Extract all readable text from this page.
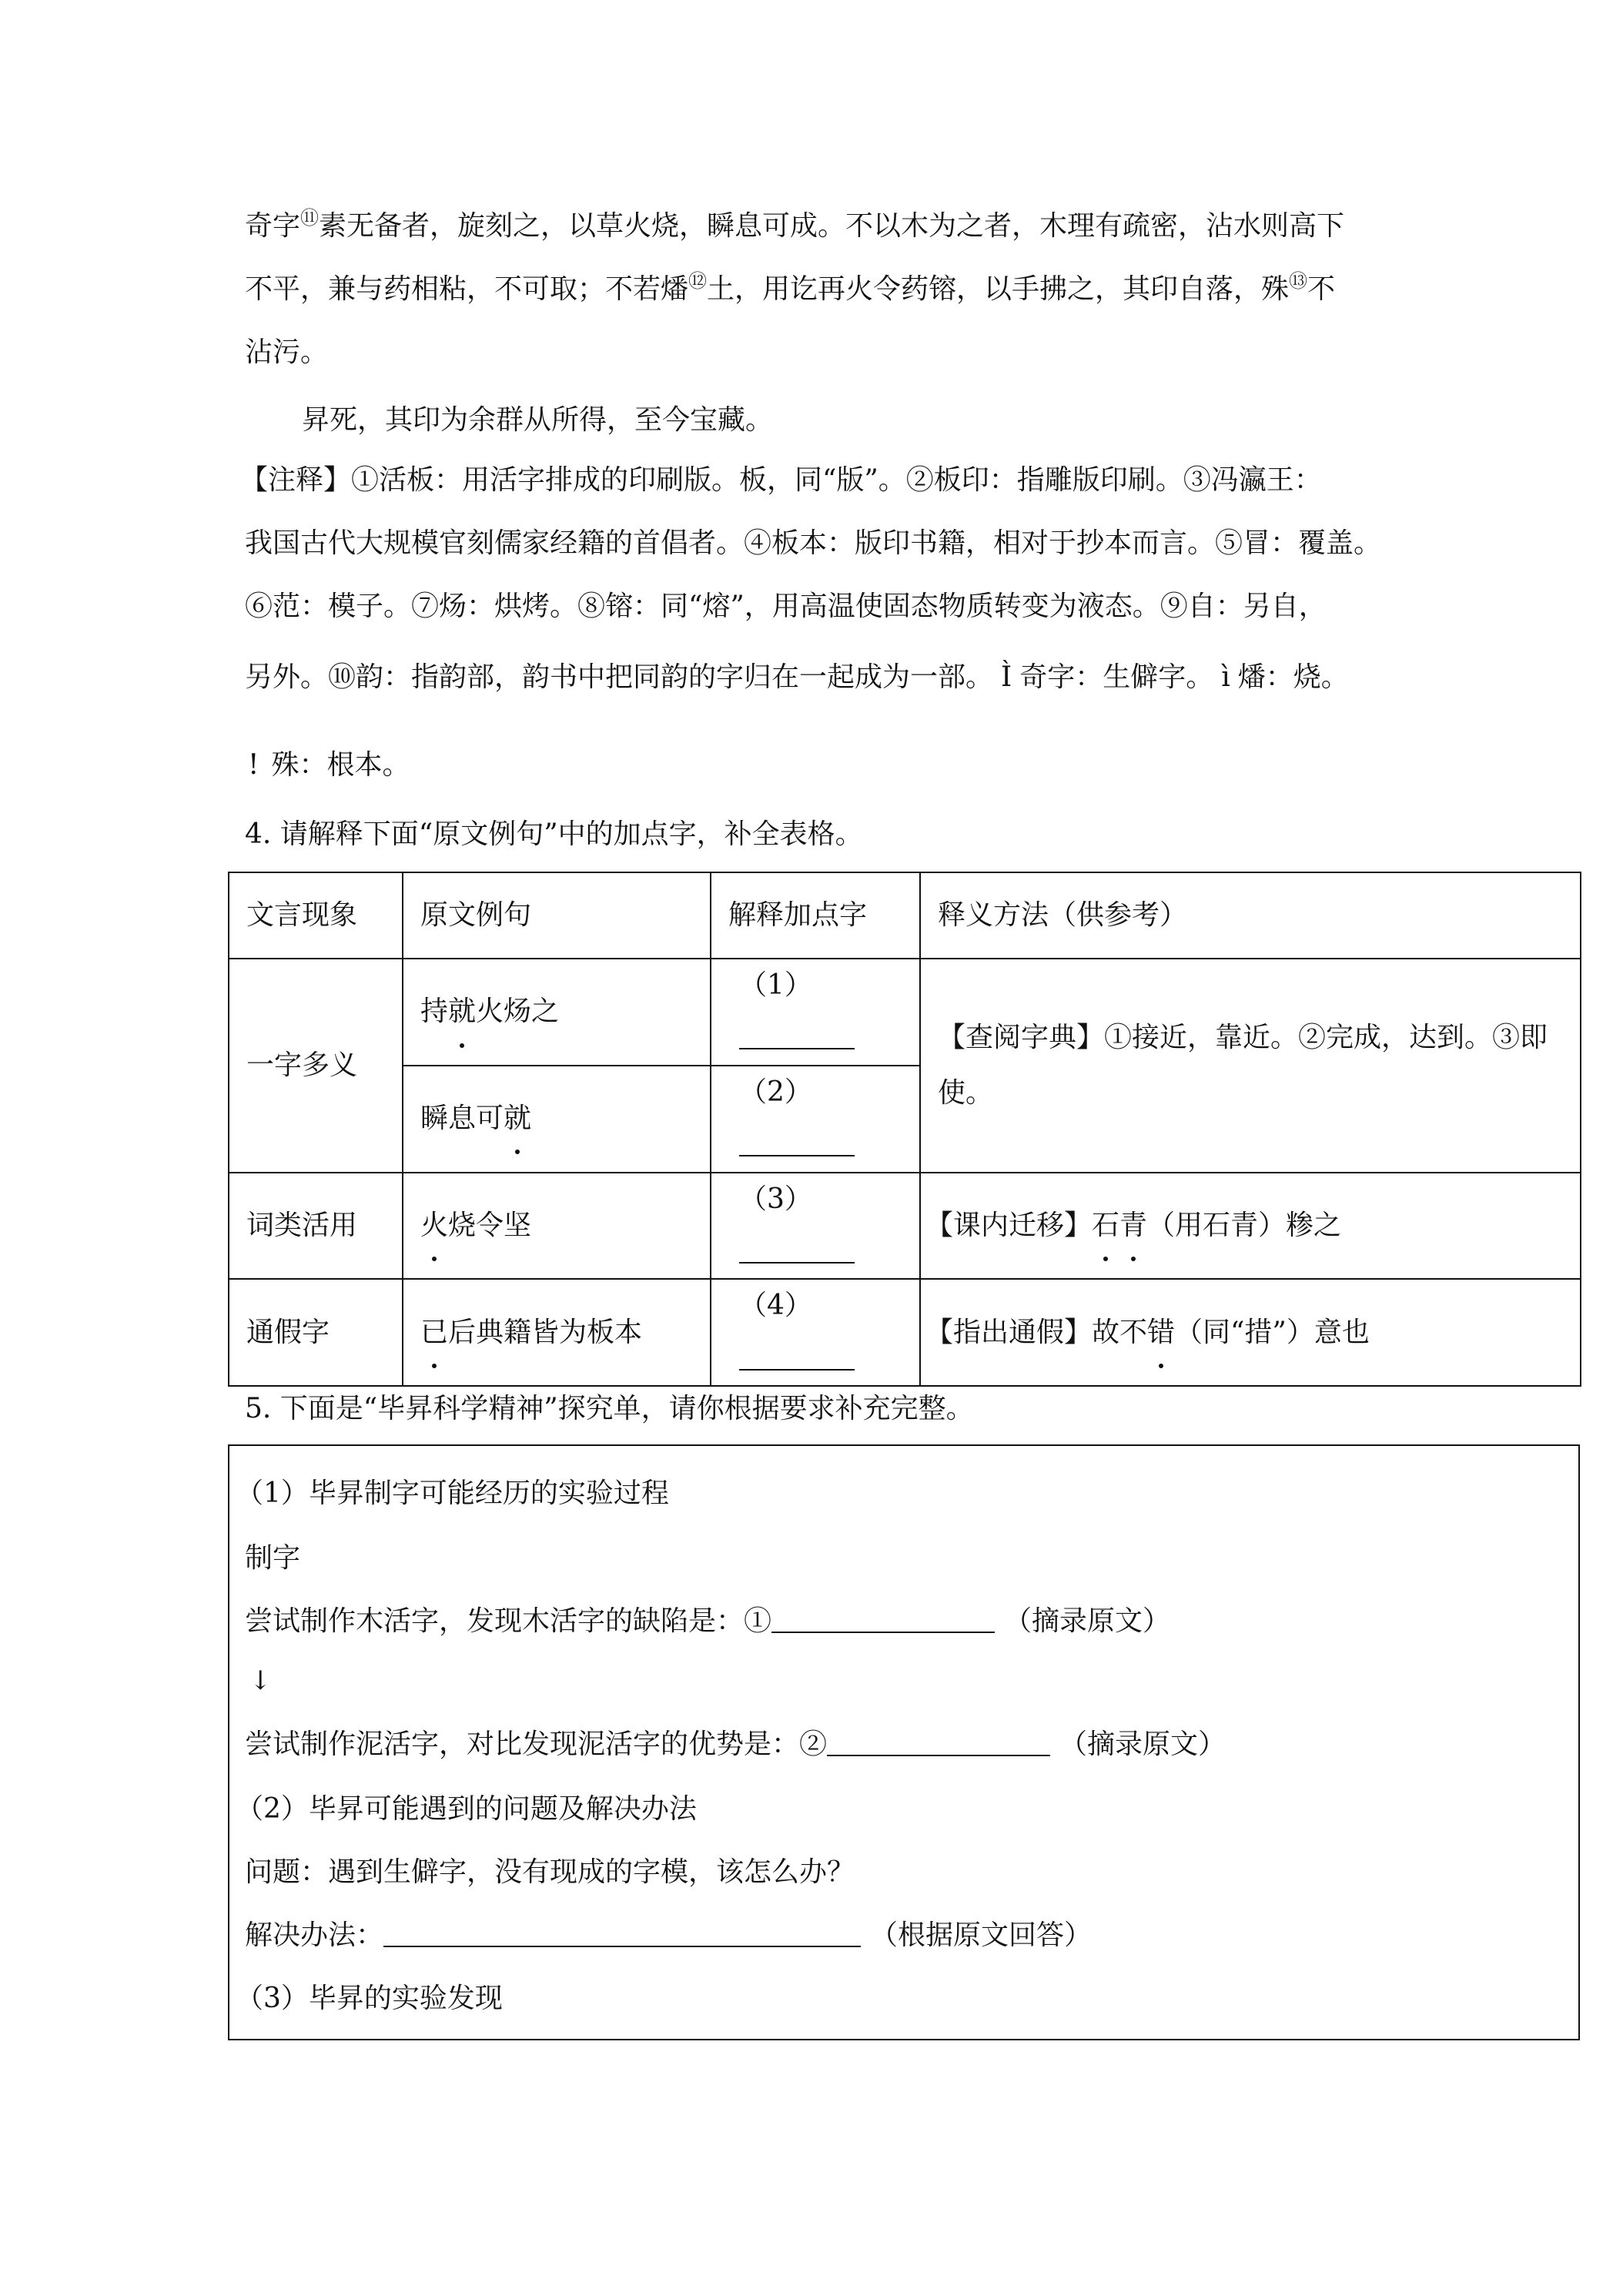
奇字⑪素无备者，旋刻之，以草火烧，瞬息可成。不以木为之者，木理有疏密，沾水则高下
不平，兼与药相粘，不可取；不若燔⑫土，用讫再火令药镕，以手拂之，其印自落，殊⑬不
沾污。
昇死，其印为余群从所得，至今宝藏。
【注释】①活板：用活字排成的印刷版。板，同“版”。②板印：指雕版印刷。③冯瀛王：
我国古代大规模官刻儒家经籍的首倡者。④板本：版印书籍，相对于抄本而言。⑤冒：覆盖。
⑥范：模子。⑦炀：烘烤。⑧镕：同“熔”，用高温使固态物质转变为液态。⑨自：另自，
另外。⑩韵：指韵部，韵书中把同韵的字归在一起成为一部。 Ì 奇字：生僻字。 ì 燔：烧。
! 殊：根本。
4. 请解释下面“原文例句”中的加点字，补全表格。
文言现象	原文例句	解释加点字	释义方法（供参考）
一字多义	持就火炀之	（1）	【查阅字典】①接近，靠近。②完成，达到。③即使。
	瞬息可就	（2）	
词类活用	火烧令坚	（3）	【课内迁移】石青（用石青）糁之
通假字	已后典籍皆为板本	（4）	【指出通假】故不错（同“措”）意也
5. 下面是“毕昇科学精神”探究单，请你根据要求补充完整。
（1）毕昇制字可能经历的实验过程
制字
尝试制作木活字，发现木活字的缺陷是：①	（摘录原文）
↓
尝试制作泥活字，对比发现泥活字的优势是：②	（摘录原文）
（2）毕昇可能遇到的问题及解决办法
问题：遇到生僻字，没有现成的字模，该怎么办？
解决办法：	（根据原文回答）
（3）毕昇的实验发现
